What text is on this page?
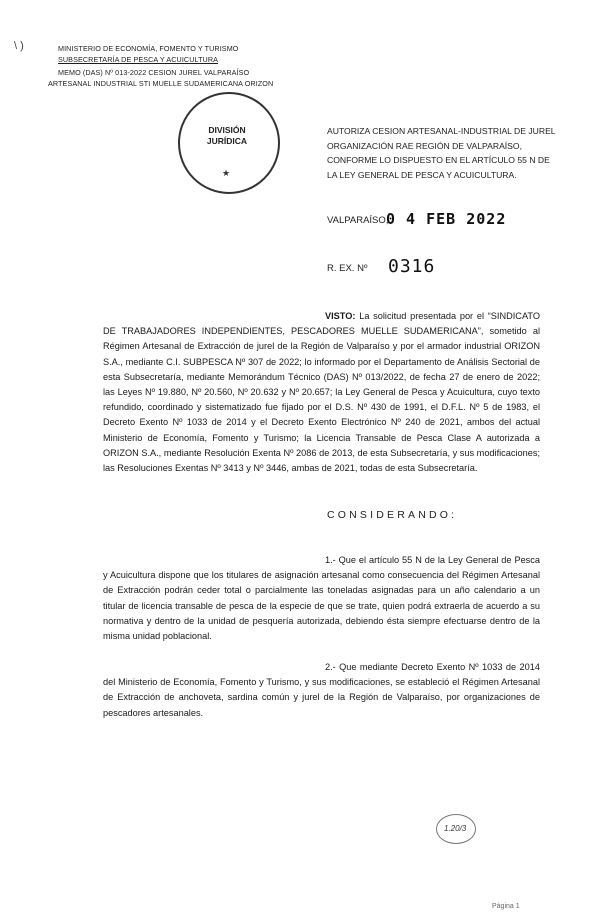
\ )	MINISTERIO DE ECONOMÍA, FOMENTO Y TURISMO
SUBSECRETARÍA DE PESCA Y ACUICULTURA
MEMO (DAS) Nº 013-2022 CESION JUREL VALPARAÍSO
ARTESANAL INDUSTRIAL STI MUELLE SUDAMERICANA ORIZON
DIVISIÓN
JURÍDICA
★
AUTORIZA CESION ARTESANAL-INDUSTRIAL DE JUREL ORGANIZACIÓN RAE REGIÓN DE VALPARAÍSO, CONFORME LO DISPUESTO EN EL ARTÍCULO 55 N DE LA LEY GENERAL DE PESCA Y ACUICULTURA.
VALPARAÍSO,
0 4 FEB 2022
R. EX. Nº 0316
VISTO: La solicitud presentada por el “SINDICATO DE TRABAJADORES INDEPENDIENTES, PESCADORES MUELLE SUDAMERICANA”, sometido al Régimen Artesanal de Extracción de jurel de la Región de Valparaíso y por el armador industrial ORIZON S.A., mediante C.I. SUBPESCA Nº 307 de 2022; lo informado por el Departamento de Análisis Sectorial de esta Subsecretaría, mediante Memorándum Técnico (DAS) Nº 013/2022, de fecha 27 de enero de 2022; las Leyes Nº 19.880, Nº 20.560, Nº 20.632 y Nº 20.657; la Ley General de Pesca y Acuicultura, cuyo texto refundido, coordinado y sistematizado fue fijado por el D.S. Nº 430 de 1991, el D.F.L. Nº 5 de 1983, el Decreto Exento Nº 1033 de 2014 y el Decreto Exento Electrónico Nº 240 de 2021, ambos del actual Ministerio de Economía, Fomento y Turismo; la Licencia Transable de Pesca Clase A autorizada a ORIZON S.A., mediante Resolución Exenta Nº 2086 de 2013, de esta Subsecretaría, y sus modificaciones; las Resoluciones Exentas Nº 3413 y Nº 3446, ambas de 2021, todas de esta Subsecretaría.
CONSIDERANDO:
1.- Que el artículo 55 N de la Ley General de Pesca y Acuicultura dispone que los titulares de asignación artesanal como consecuencia del Régimen Artesanal de Extracción podrán ceder total o parcialmente las toneladas asignadas para un año calendario a un titular de licencia transable de pesca de la especie de que se trate, quien podrá extraerla de acuerdo a su normativa y dentro de la unidad de pesquería autorizada, debiendo ésta siempre efectuarse dentro de la misma unidad poblacional.
2.- Que mediante Decreto Exento Nº 1033 de 2014 del Ministerio de Economía, Fomento y Turismo, y sus modificaciones, se estableció el Régimen Artesanal de Extracción de anchoveta, sardina común y jurel de la Región de Valparaíso, por organizaciones de pescadores artesanales.
1.20/3
Página 1
